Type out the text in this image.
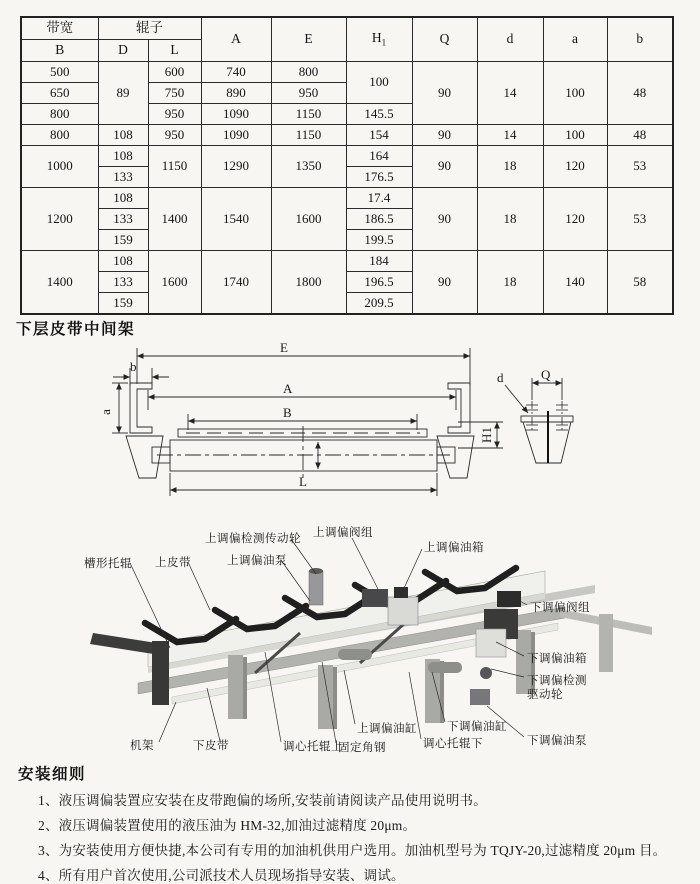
带宽	辊子		A	E	$H_1$	Q	d	a	b
B	D	L							
500	89	600	740	800	100	90	14	100	48
650		750	890	950					
800		950	1090	1150	145.5				
800	108	950	1090	1150	154	90	14	100	48
1000	108	1150	1290	1350	164	90	18	120	53
	133				176.5				
1200	108	1400	1540	1600	17.4	90	18	120	53
	133				186.5				
	159				199.5				
1400	108	1600	1740	1800	184	90	18	140	58
	133				196.5				
	159				209.5				
下层皮带中间架
E
b
a
A
B
L
H1
d	Q
槽形托辊 上皮带
上调偏检测传动轮
上调偏油泵
上调偏阀组
上调偏油箱
下调偏阀组
下调偏油箱
下调偏检测
驱动轮
下调偏油泵
机架	下皮带	调心托辊上
固定角钢
上调偏油缸
调心托辊下
下调偏油缸
安装细则
1、液压调偏装置应安装在皮带跑偏的场所,安装前请阅读产品使用说明书。
2、液压调偏装置使用的液压油为 HM-32,加油过滤精度 20μm。
3、为安装使用方便快捷,本公司有专用的加油机供用户选用。加油机型号为 TQJY-20,过滤精度 20μm 目。
4、所有用户首次使用,公司派技术人员现场指导安装、调试。
